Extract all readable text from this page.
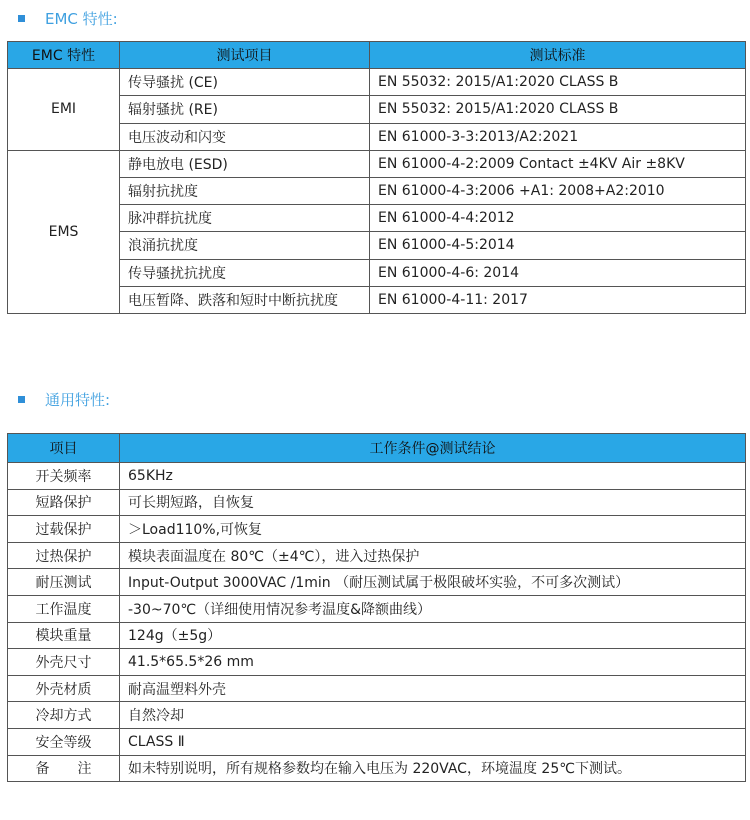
EMC 特性:
EMC 特性	测试项目	测试标准
EMI	传导骚扰 (CE)	EN 55032: 2015/A1:2020 CLASS B
	辐射骚扰 (RE)	EN 55032: 2015/A1:2020 CLASS B
	电压波动和闪变	EN 61000-3-3:2013/A2:2021
EMS	静电放电 (ESD)	EN 61000-4-2:2009 Contact ±4KV Air ±8KV
	辐射抗扰度	EN 61000-4-3:2006 +A1: 2008+A2:2010
	脉冲群抗扰度	EN 61000-4-4:2012
	浪涌抗扰度	EN 61000-4-5:2014
	传导骚扰抗扰度	EN 61000-4-6: 2014
	电压暂降、跌落和短时中断抗扰度	EN 61000-4-11: 2017
通用特性:
项目	工作条件@测试结论
开关频率	65KHz
短路保护	可长期短路，自恢复
过载保护	＞Load110%,可恢复
过热保护	模块表面温度在 80℃（±4℃），进入过热保护
耐压测试	Input-Output 3000VAC /1min （耐压测试属于极限破坏实验，不可多次测试）
工作温度	-30~70℃（详细使用情况参考温度&降额曲线）
模块重量	124g（±5g）
外壳尺寸	41.5*65.5*26 mm
外壳材质	耐高温塑料外壳
冷却方式	自然冷却
安全等级	CLASS Ⅱ
备 注	如未特别说明，所有规格参数均在输入电压为 220VAC，环境温度 25℃下测试。
